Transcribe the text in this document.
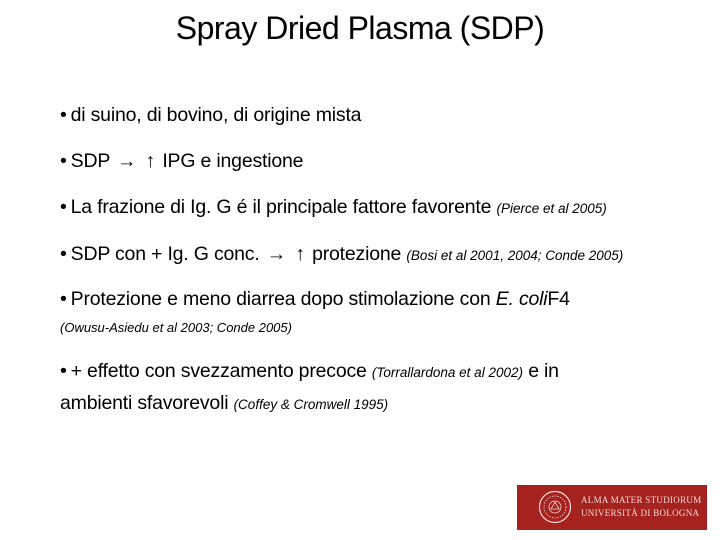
Spray Dried Plasma (SDP)
• di suino, di bovino, di origine mista
• SDP → ↑ IPG e ingestione
• La frazione di Ig. G é il principale fattore favorente (Pierce et al 2005)
• SDP con + Ig. G conc. → ↑ protezione (Bosi et al 2001, 2004; Conde 2005)
• Protezione e meno diarrea dopo stimolazione con E. coliF4
(Owusu-Asiedu et al 2003; Conde 2005)
• + effetto con svezzamento precoce (Torrallardona et al 2002) e in
ambienti sfavorevoli (Coffey & Cromwell 1995)
ALMA MATER STUDIORUM
UNIVERSITÀ DI BOLOGNA
